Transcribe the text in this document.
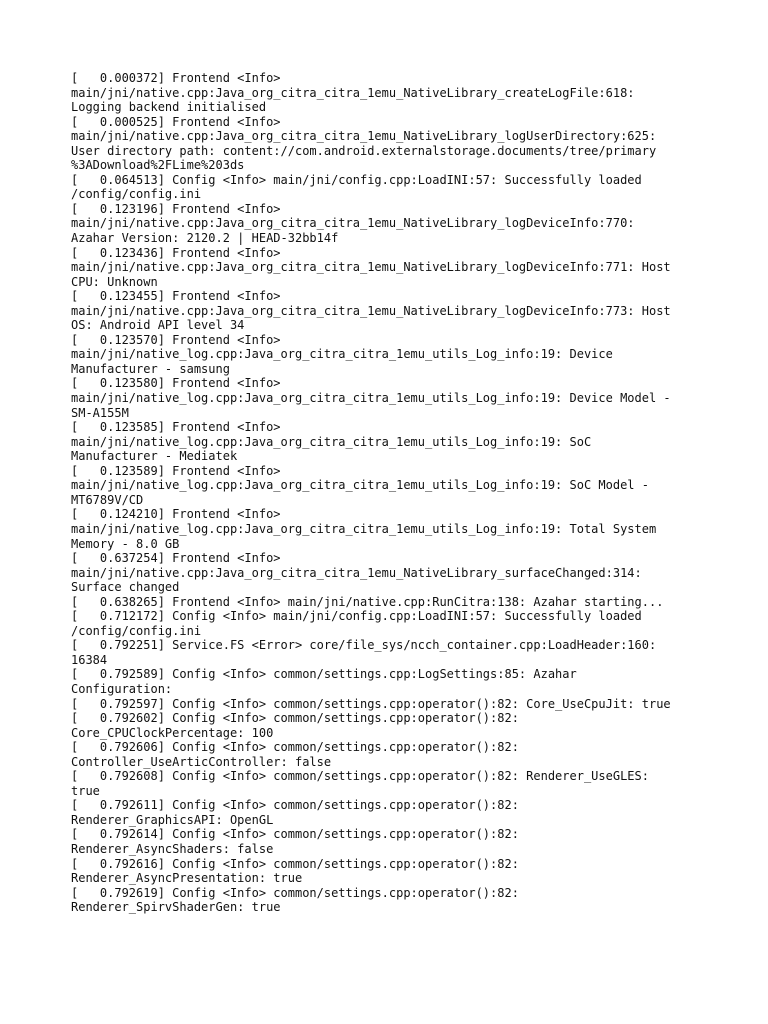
[   0.000372] Frontend <Info>
main/jni/native.cpp:Java_org_citra_citra_1emu_NativeLibrary_createLogFile:618:
Logging backend initialised
[   0.000525] Frontend <Info>
main/jni/native.cpp:Java_org_citra_citra_1emu_NativeLibrary_logUserDirectory:625:
User directory path: content://com.android.externalstorage.documents/tree/primary
%3ADownload%2FLime%203ds
[   0.064513] Config <Info> main/jni/config.cpp:LoadINI:57: Successfully loaded
/config/config.ini
[   0.123196] Frontend <Info>
main/jni/native.cpp:Java_org_citra_citra_1emu_NativeLibrary_logDeviceInfo:770:
Azahar Version: 2120.2 | HEAD-32bb14f
[   0.123436] Frontend <Info>
main/jni/native.cpp:Java_org_citra_citra_1emu_NativeLibrary_logDeviceInfo:771: Host
CPU: Unknown
[   0.123455] Frontend <Info>
main/jni/native.cpp:Java_org_citra_citra_1emu_NativeLibrary_logDeviceInfo:773: Host
OS: Android API level 34
[   0.123570] Frontend <Info>
main/jni/native_log.cpp:Java_org_citra_citra_1emu_utils_Log_info:19: Device
Manufacturer - samsung
[   0.123580] Frontend <Info>
main/jni/native_log.cpp:Java_org_citra_citra_1emu_utils_Log_info:19: Device Model -
SM-A155M
[   0.123585] Frontend <Info>
main/jni/native_log.cpp:Java_org_citra_citra_1emu_utils_Log_info:19: SoC
Manufacturer - Mediatek
[   0.123589] Frontend <Info>
main/jni/native_log.cpp:Java_org_citra_citra_1emu_utils_Log_info:19: SoC Model -
MT6789V/CD
[   0.124210] Frontend <Info>
main/jni/native_log.cpp:Java_org_citra_citra_1emu_utils_Log_info:19: Total System
Memory - 8.0 GB
[   0.637254] Frontend <Info>
main/jni/native.cpp:Java_org_citra_citra_1emu_NativeLibrary_surfaceChanged:314:
Surface changed
[   0.638265] Frontend <Info> main/jni/native.cpp:RunCitra:138: Azahar starting...
[   0.712172] Config <Info> main/jni/config.cpp:LoadINI:57: Successfully loaded
/config/config.ini
[   0.792251] Service.FS <Error> core/file_sys/ncch_container.cpp:LoadHeader:160:
16384
[   0.792589] Config <Info> common/settings.cpp:LogSettings:85: Azahar
Configuration:
[   0.792597] Config <Info> common/settings.cpp:operator():82: Core_UseCpuJit: true
[   0.792602] Config <Info> common/settings.cpp:operator():82:
Core_CPUClockPercentage: 100
[   0.792606] Config <Info> common/settings.cpp:operator():82:
Controller_UseArticController: false
[   0.792608] Config <Info> common/settings.cpp:operator():82: Renderer_UseGLES:
true
[   0.792611] Config <Info> common/settings.cpp:operator():82:
Renderer_GraphicsAPI: OpenGL
[   0.792614] Config <Info> common/settings.cpp:operator():82:
Renderer_AsyncShaders: false
[   0.792616] Config <Info> common/settings.cpp:operator():82:
Renderer_AsyncPresentation: true
[   0.792619] Config <Info> common/settings.cpp:operator():82:
Renderer_SpirvShaderGen: true
